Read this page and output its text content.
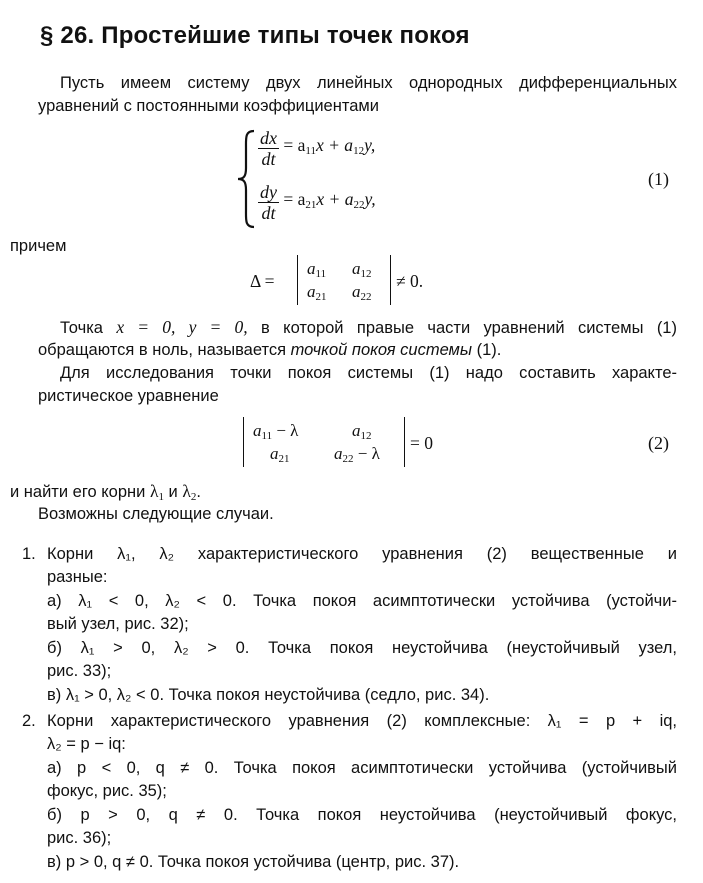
§ 26. Простейшие типы точек покоя
Пусть имеем систему двух линейных однородных дифференциальных
уравнений с постоянными коэффициентами
$\frac{dx}{dt} = a_{11}x + a_{12}y$,
$\frac{dy}{dt} = a_{21}x + a_{22}y$,
(1)
причем
Δ =
$a_{11}$ $a_{12}$
$a_{21}$ $a_{22}$
≠ 0.
Точка x = 0, y = 0, в которой правые части уравнений системы (1)
обращаются в ноль, называется точкой покоя системы (1).
Для исследования точки покоя системы (1) надо составить характе-
ристическое уравнение
$a_{11} - \lambda$	$a_{12}$
$a_{21}$	$a_{22} - \lambda$
= 0	(2)
и найти его корни $\lambda_1$ и $\lambda_2$.
Возможны следующие случаи.
1. Корни λ₁, λ₂ характеристического уравнения (2) вещественные и
разные:
а) λ₁ < 0, λ₂ < 0. Точка покоя асимптотически устойчива (устойчи-
вый узел, рис. 32);
б) λ₁ > 0, λ₂ > 0. Точка покоя неустойчива (неустойчивый узел,
рис. 33);
в) λ₁ > 0, λ₂ < 0. Точка покоя неустойчива (седло, рис. 34).
2. Корни характеристического уравнения (2) комплексные: λ₁ = p + iq,
λ₂ = p − iq:
а) p < 0, q ≠ 0. Точка покоя асимптотически устойчива (устойчивый
фокус, рис. 35);
б) p > 0, q ≠ 0. Точка покоя неустойчива (неустойчивый фокус,
рис. 36);
в) p > 0, q ≠ 0. Точка покоя устойчива (центр, рис. 37).
